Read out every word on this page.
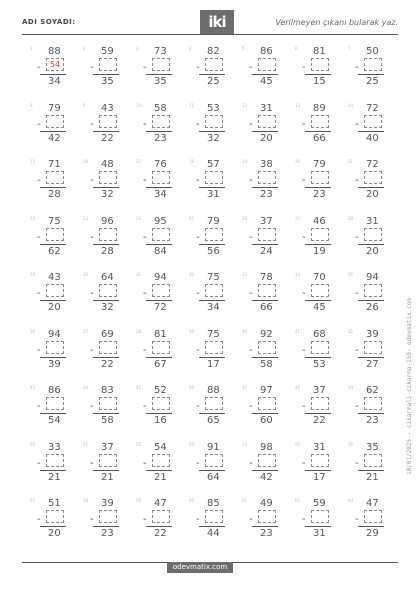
ADI SOYADI:	iki	Verilmeyen çıkanı bularak yaz.
10/01/2025 - cikarmali-cikarma-159- odevmatix.com
1 88
-	54
34
2 59
-
35
3 73
-
35
4 82
-
25
5 86
-
45
6 81
-
15
7 50
-
25
8 79
-
42
9 43
-
22
10 58
-
23
11 53
-
32
12 31
-
20
13 89
-
66
14 72
-
40
15 71
-
28
16 48
-
32
17 76
-
34
18 57
-
31
19 38
-
23
20 79
-
23
21 72
-
20
22 75
-
62
23 96
-
28
24 95
-
84
25 79
-
56
26 37
-
24
27 46
-
19
28 31
-
20
29 43
-
20
30 64
-
32
31 94
-
72
32 75
-
34
33 78
-
66
34 70
-
45
35 94
-
26
36 94
-
39
37 69
-
22
38 81
-
67
39 75
-
17
40 92
-
58
41 68
-
53
42 39
-
27
43 86
-
54
44 83
-
58
45 52
-
16
46 88
-
65
47 97
-
60
48 37
-
22
49 62
-
23
50 33
-
21
51 37
-
21
52 54
-
21
53 91
-
64
54 98
-
42
55 31
-
17
56 35
-
21
57 51
-
20
58 39
-
23
59 47
-
22
60 85
-
44
61 49
-
23
62 59
-
31
63 47
-
29
odevmatix.com
